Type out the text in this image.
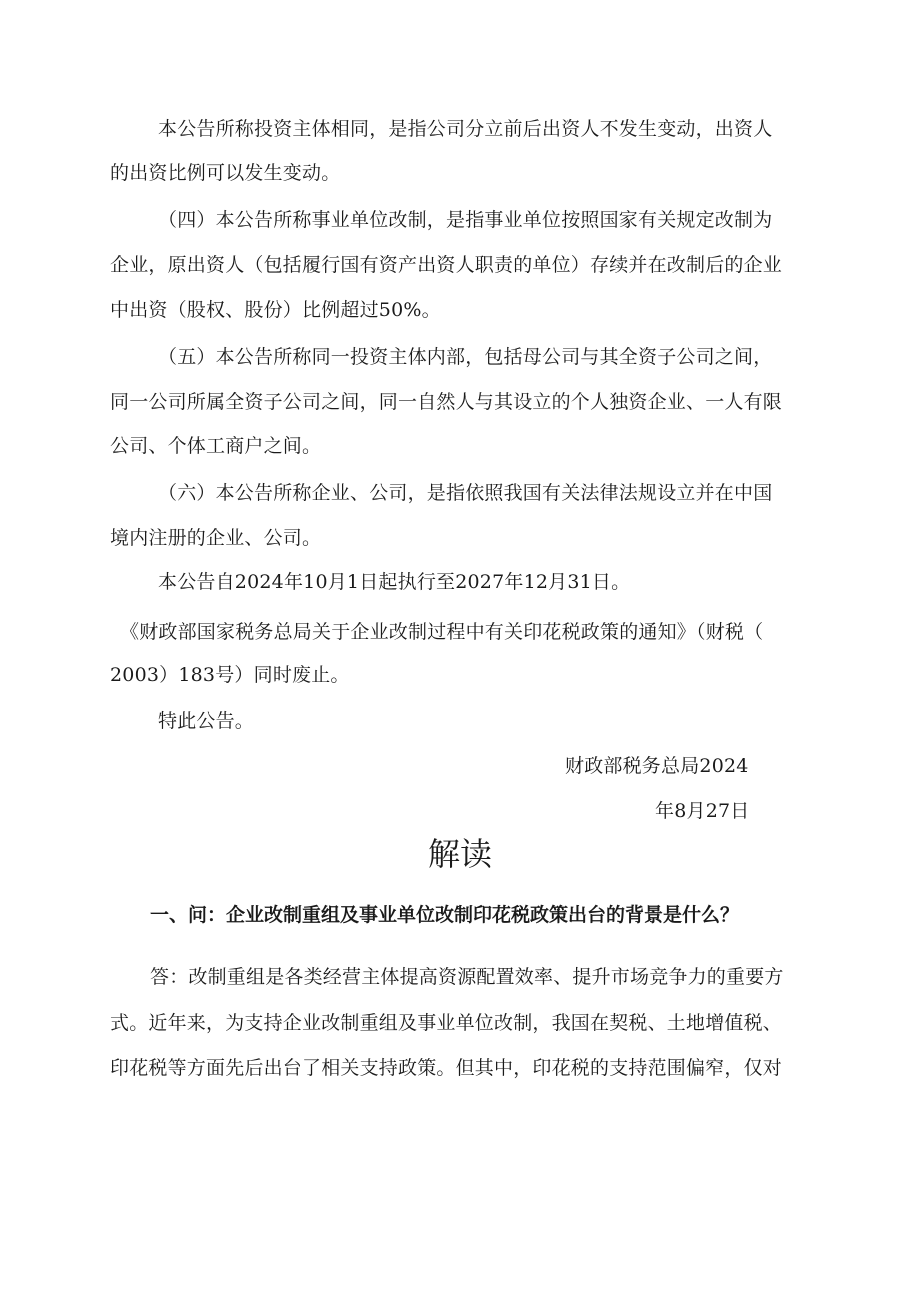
本公告所称投资主体相同，是指公司分立前后出资人不发生变动，出资人
的出资比例可以发生变动。
（四）本公告所称事业单位改制，是指事业单位按照国家有关规定改制为
企业，原出资人（包括履行国有资产出资人职责的单位）存续并在改制后的企业
中出资（股权、股份）比例超过50%。
（五）本公告所称同一投资主体内部，包括母公司与其全资子公司之间，
同一公司所属全资子公司之间，同一自然人与其设立的个人独资企业、一人有限
公司、个体工商户之间。
（六）本公告所称企业、公司，是指依照我国有关法律法规设立并在中国
境内注册的企业、公司。
本公告自2024年10月1日起执行至2027年12月31日。
《财政部国家税务总局关于企业改制过程中有关印花税政策的通知》（财税（
2003）183号）同时废止。
特此公告。
财政部税务总局2024
年8月27日
解读
一、问：企业改制重组及事业单位改制印花税政策出台的背景是什么？
答：改制重组是各类经营主体提高资源配置效率、提升市场竞争力的重要方
式。近年来，为支持企业改制重组及事业单位改制，我国在契税、土地增值税、
印花税等方面先后出台了相关支持政策。但其中，印花税的支持范围偏窄，仅对
